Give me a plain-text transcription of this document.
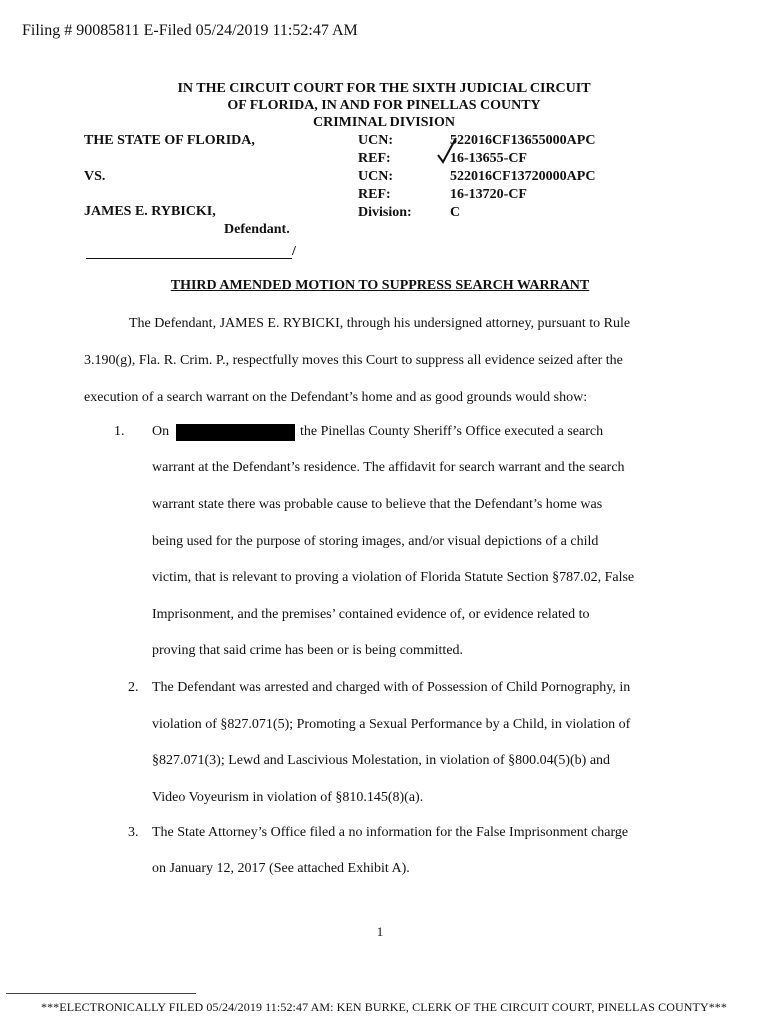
Filing # 90085811 E-Filed 05/24/2019 11:52:47 AM
IN THE CIRCUIT COURT FOR THE SIXTH JUDICIAL CIRCUIT
OF FLORIDA, IN AND FOR PINELLAS COUNTY
CRIMINAL DIVISION
THE STATE OF FLORIDA,
VS.
JAMES E. RYBICKI,
Defendant.
/
UCN:	522016CF13655000APC
REF:	16-13655-CF
UCN:	522016CF13720000APC
REF:	16-13720-CF
Division:	C
THIRD AMENDED MOTION TO SUPPRESS SEARCH WARRANT
The Defendant, JAMES E. RYBICKI, through his undersigned attorney, pursuant to Rule
3.190(g), Fla. R. Crim. P., respectfully moves this Court to suppress all evidence seized after the
execution of a search warrant on the Defendant’s home and as good grounds would show:
1. On	the Pinellas County Sheriff’s Office executed a search
warrant at the Defendant’s residence. The affidavit for search warrant and the search
warrant state there was probable cause to believe that the Defendant’s home was
being used for the purpose of storing images, and/or visual depictions of a child
victim, that is relevant to proving a violation of Florida Statute Section §787.02, False
Imprisonment, and the premises’ contained evidence of, or evidence related to
proving that said crime has been or is being committed.
2. The Defendant was arrested and charged with of Possession of Child Pornography, in
violation of §827.071(5); Promoting a Sexual Performance by a Child, in violation of
§827.071(3); Lewd and Lascivious Molestation, in violation of §800.04(5)(b) and
Video Voyeurism in violation of §810.145(8)(a).
3. The State Attorney’s Office filed a no information for the False Imprisonment charge
on January 12, 2017 (See attached Exhibit A).
1
***ELECTRONICALLY FILED 05/24/2019 11:52:47 AM: KEN BURKE, CLERK OF THE CIRCUIT COURT, PINELLAS COUNTY***
